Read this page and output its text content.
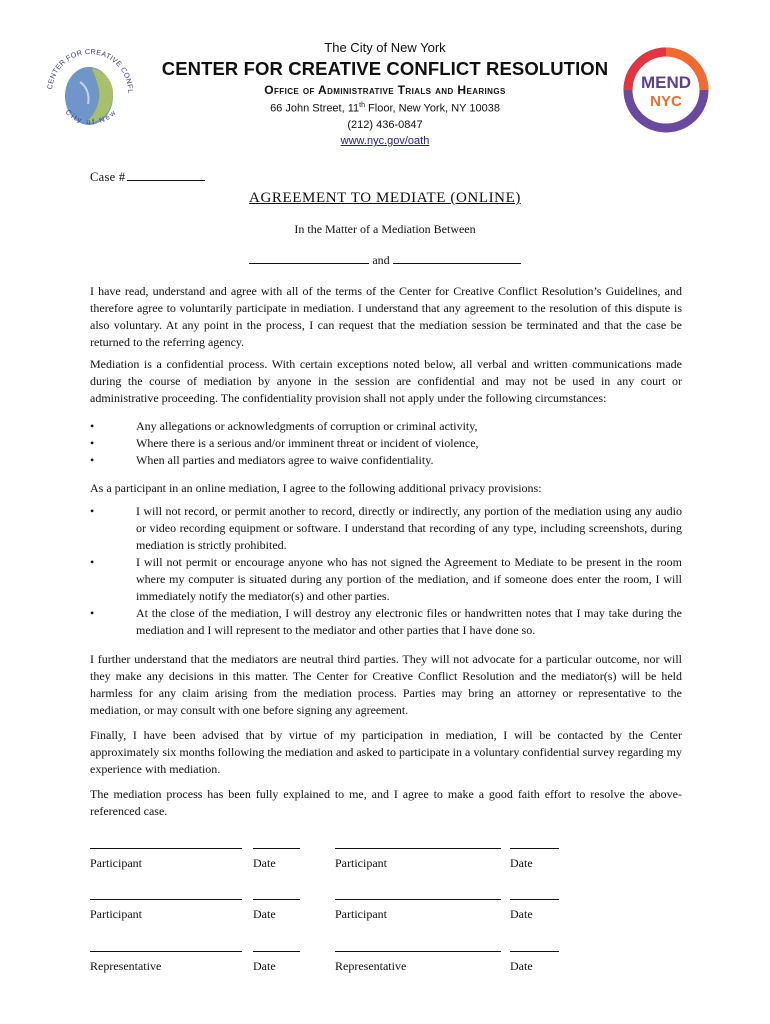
CENTER FOR CREATIVE CONFL
City of New
The City of New York
CENTER FOR CREATIVE CONFLICT RESOLUTION
Office of Administrative Trials and Hearings
66 John Street, 11th Floor, New York, NY 10038
(212) 436-0847
www.nyc.gov/oath
MEND
NYC
Case #
AGREEMENT TO MEDIATE (ONLINE)
In the Matter of a Mediation Between
and
I have read, understand and agree with all of the terms of the Center for Creative Conflict Resolution’s Guidelines, and therefore agree to voluntarily participate in mediation. I understand that any agreement to the resolution of this dispute is also voluntary. At any point in the process, I can request that the mediation session be terminated and that the case be returned to the referring agency.
Mediation is a confidential process. With certain exceptions noted below, all verbal and written communications made during the course of mediation by anyone in the session are confidential and may not be used in any court or administrative proceeding. The confidentiality provision shall not apply under the following circumstances:
•	Any allegations or acknowledgments of corruption or criminal activity,
•	Where there is a serious and/or imminent threat or incident of violence,
•	When all parties and mediators agree to waive confidentiality.
As a participant in an online mediation, I agree to the following additional privacy provisions:
•	I will not record, or permit another to record, directly or indirectly, any portion of the mediation using any audio or video recording equipment or software. I understand that recording of any type, including screenshots, during mediation is strictly prohibited.
•	I will not permit or encourage anyone who has not signed the Agreement to Mediate to be present in the room where my computer is situated during any portion of the mediation, and if someone does enter the room, I will immediately notify the mediator(s) and other parties.
•	At the close of the mediation, I will destroy any electronic files or handwritten notes that I may take during the mediation and I will represent to the mediator and other parties that I have done so.
I further understand that the mediators are neutral third parties. They will not advocate for a particular outcome, nor will they make any decisions in this matter. The Center for Creative Conflict Resolution and the mediator(s) will be held harmless for any claim arising from the mediation process. Parties may bring an attorney or representative to the mediation, or may consult with one before signing any agreement.
Finally, I have been advised that by virtue of my participation in mediation, I will be contacted by the Center approximately six months following the mediation and asked to participate in a voluntary confidential survey regarding my experience with mediation.
The mediation process has been fully explained to me, and I agree to make a good faith effort to resolve the above-referenced case.
Participant	Date	Participant	Date
Participant	Date	Participant	Date
Representative	Date	Representative	Date
